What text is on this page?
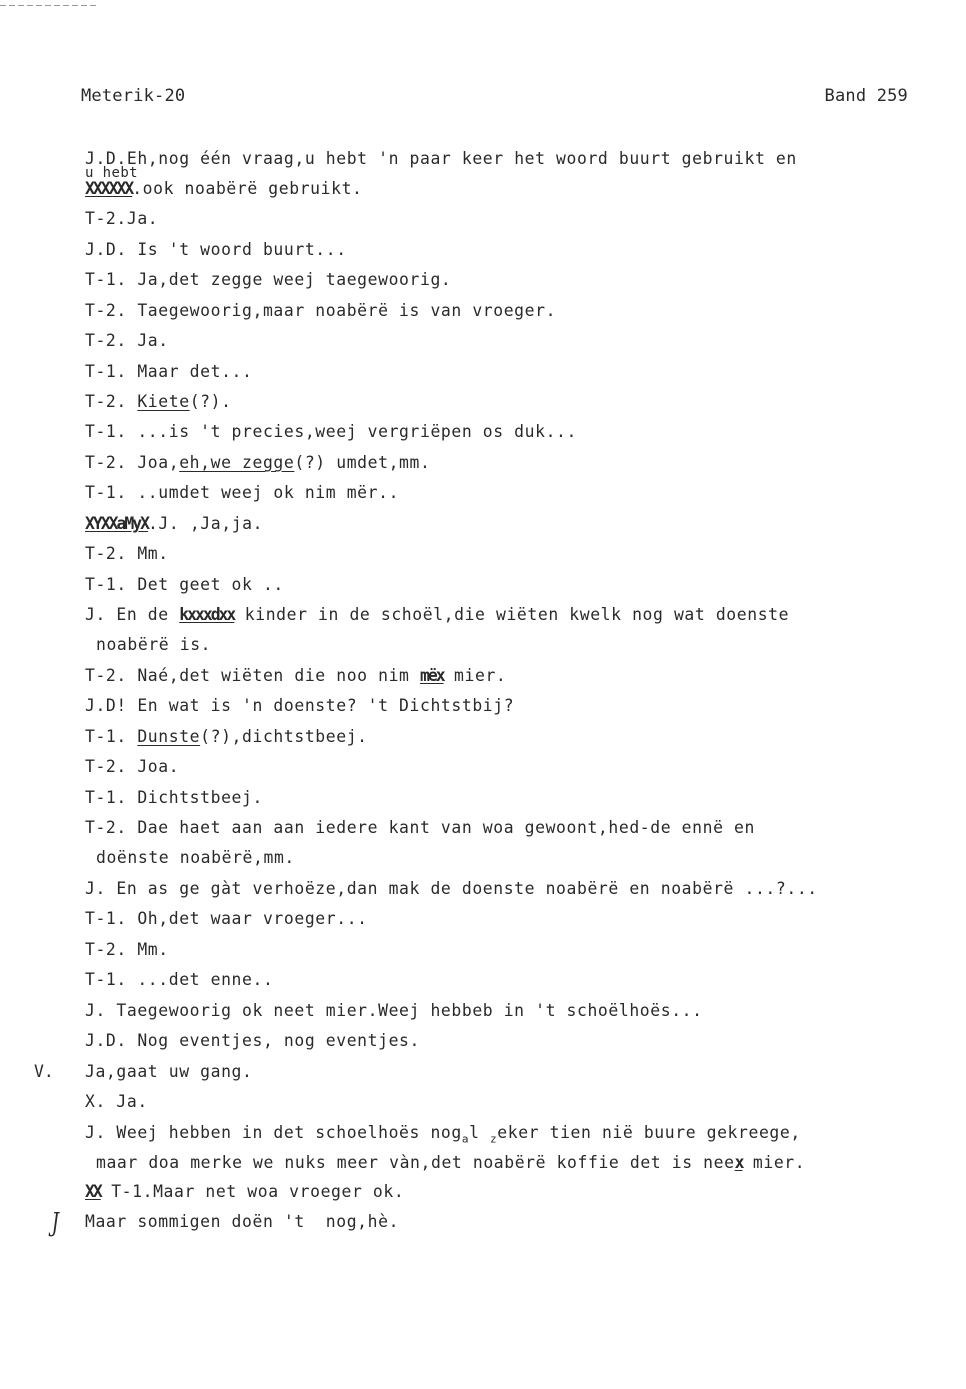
Meterik-20	Band 259
u hebt
J.D.Eh,nog één vraag,u hebt 'n paar keer het woord buurt gebruikt en
XXXXXX.ook noabërë gebruikt.
T-2.Ja.
J.D. Is 't woord buurt...
T-1. Ja,det zegge weej taegewoorig.
T-2. Taegewoorig,maar noabërë is van vroeger.
T-2. Ja.
T-1. Maar det...
T-2. Kiete(?).
T-1. ...is 't precies,weej vergriëpen os duk...
T-2. Joa,eh,we zegge(?) umdet,mm.
T-1. ..umdet weej ok nim mër..
XYXXaMyX.J. ,Ja,ja.
T-2. Mm.
T-1. Det geet ok ..
J. En de kxxxdxx kinder in de schoël,die wiëten kwelk nog wat doenste
noabërë is.
T-2. Naé,det wiëten die noo nim mëx mier.
J.D! En wat is 'n doenste? 't Dichtstbij?
T-1. Dunste(?),dichtstbeej.
T-2. Joa.
T-1. Dichtstbeej.
T-2. Dae haet aan aan iedere kant van woa gewoont,hed-de ennë en
doënste noabërë,mm.
J. En as ge gàt verhoëze,dan mak de doenste noabërë en noabërë ...?...
T-1. Oh,det waar vroeger...
T-2. Mm.
T-1. ...det enne..
J. Taegewoorig ok neet mier.Weej hebbeb in 't schoëlhoës...
J.D. Nog eventjes, nog eventjes.
V. Ja,gaat uw gang.
X. Ja.
J. Weej hebben in det schoelhoës nog$_a$l $_z$eker tien nië buure gekreege,
maar doa merke we nuks meer vàn,det noabërë koffie det is neex mier.
XX T-1.Maar net woa vroeger ok.
J Maar sommigen doën 't  nog,hè.
